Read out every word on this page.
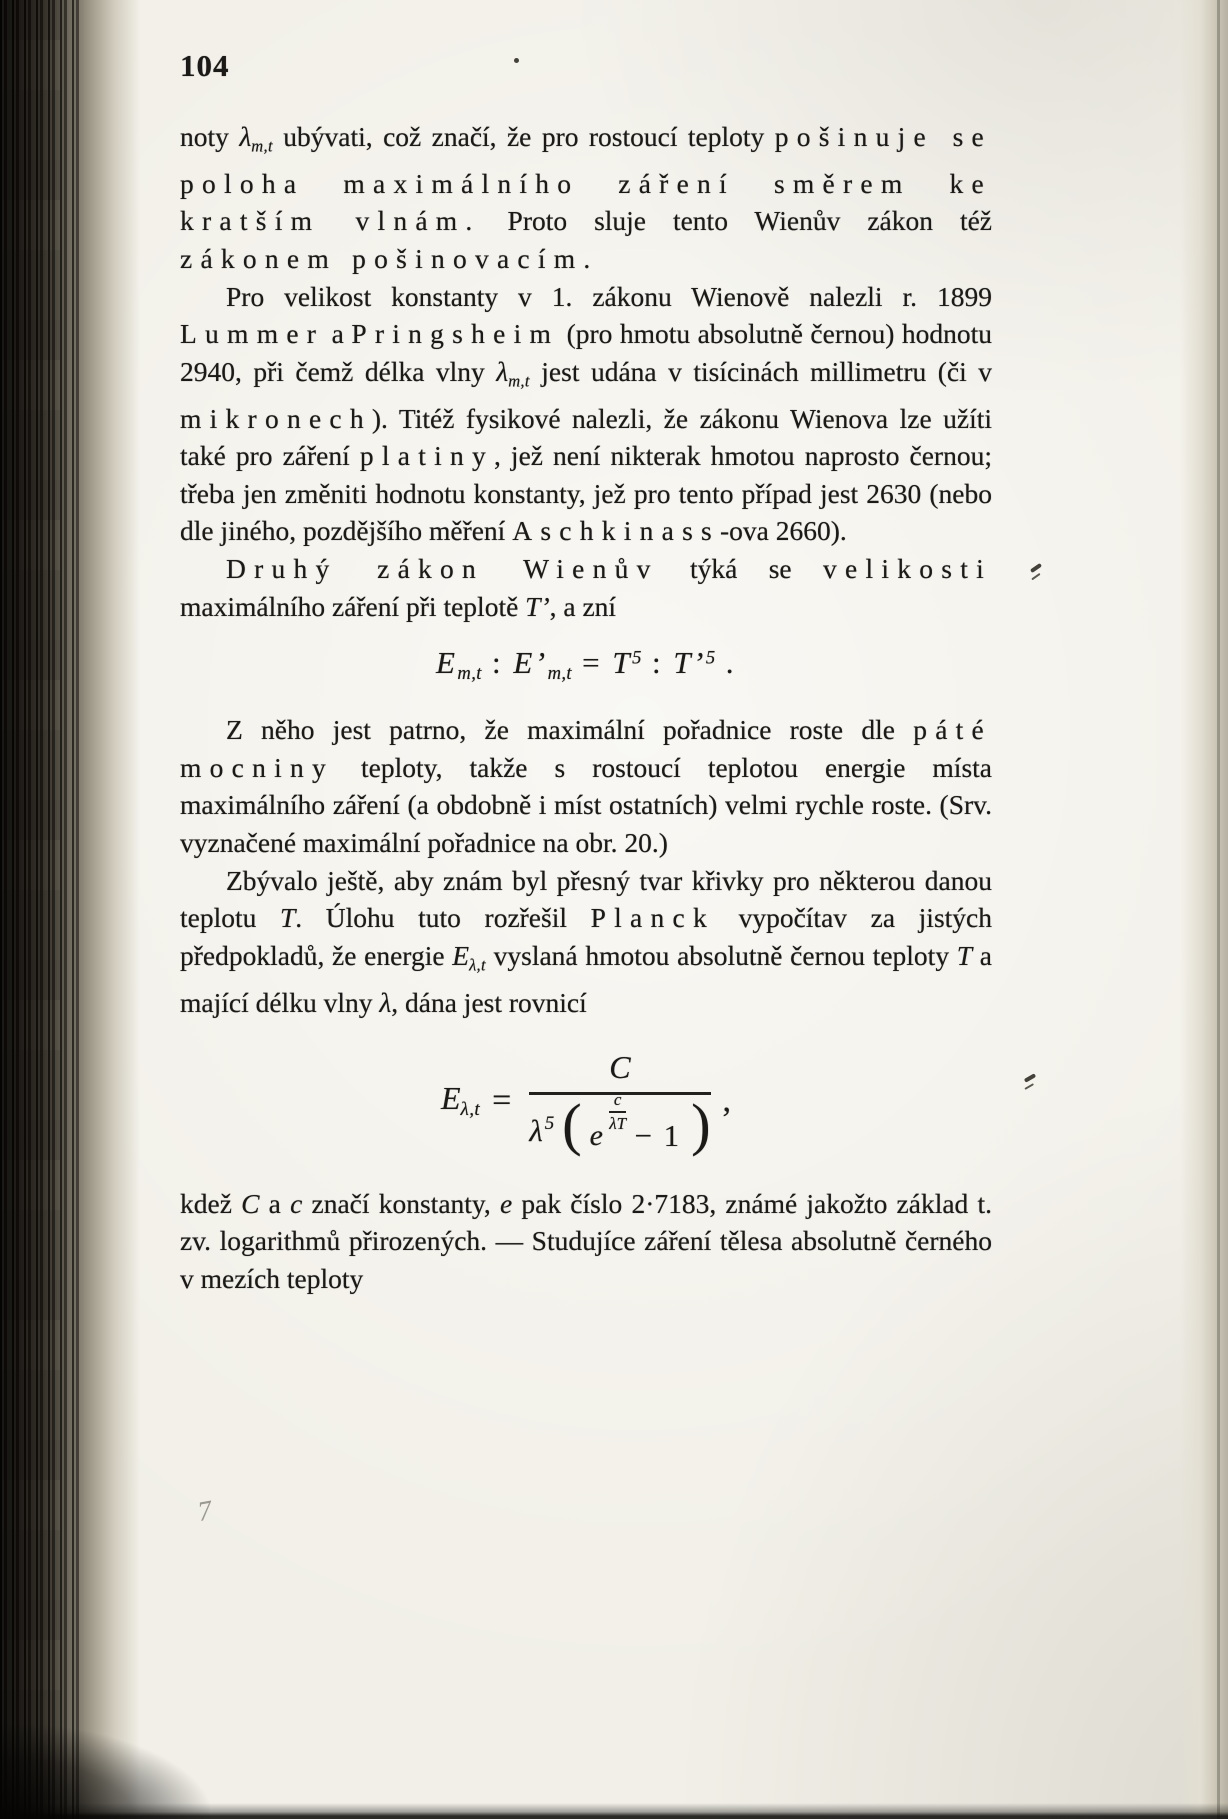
104

noty λm,t ubývati, což značí, že pro rostoucí teploty pošinuje se poloha maximálního záření směrem ke kratším vlnám. Proto sluje tento Wienův zákon též zákonem pošinovacím.

Pro velikost konstanty v 1. zákonu Wienově nalezli r. 1899 Lummer a Pringsheim (pro hmotu absolutně černou) hodnotu 2940, při čemž délka vlny λm,t jest udána v tisícinách millimetru (či v mikronech). Titéž fysikové nalezli, že zákonu Wienova lze užíti také pro záření platiny, jež není nikterak hmotou naprosto černou; třeba jen změniti hodnotu konstanty, jež pro tento případ jest 2630 (nebo dle jiného, pozdějšího měření Aschkinass-ova 2660).

Druhý zákon Wienův týká se velikosti maximálního záření při teplotě T’, a zní

Em,t : E’m,t = $T^5$ : T’$^5$ .

Z něho jest patrno, že maximální pořadnice roste dle páté mocniny teploty, takže s rostoucí teplotou energie místa maximálního záření (a obdobně i míst ostatních) velmi rychle roste. (Srv. vyznačené maximální pořadnice na obr. 20.)

Zbývalo ještě, aby znám byl přesný tvar křivky pro některou danou teplotu T. Úlohu tuto rozřešil Planck vypočítav za jistých předpokladů, že energie Eλ,t vyslaná hmotou absolutně černou teploty T a mající délku vlny λ, dána jest rovnicí

Eλ,t =
C
λ 5 ( e
$\frac{c}{\lambda T}$
− 1 ) ,

kdež C a c značí konstanty, e pak číslo 2·7183, známé jakožto základ t. zv. logarithmů přirozených. — Studujíce záření tělesa absolutně černého v mezích teploty

7
